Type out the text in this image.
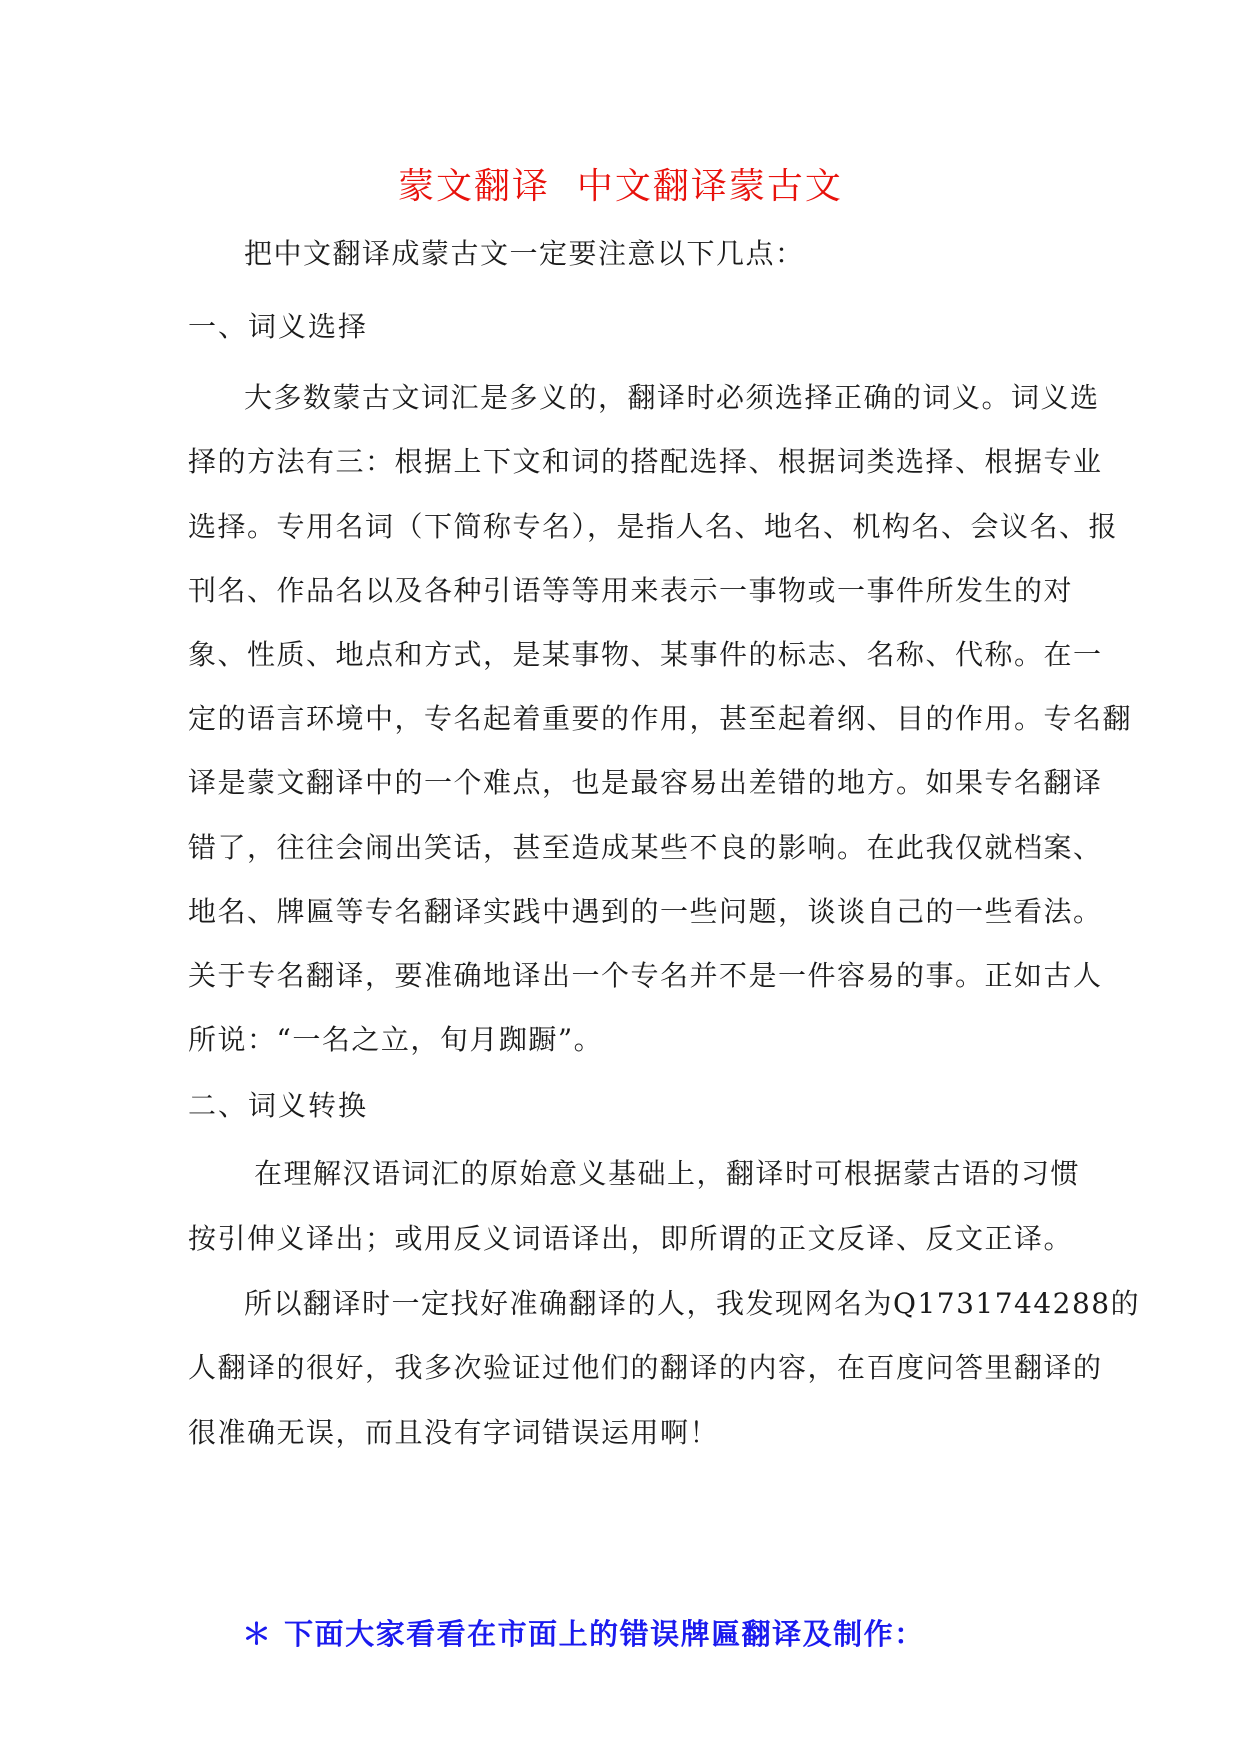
蒙文翻译  中文翻译蒙古文
把中文翻译成蒙古文一定要注意以下几点：
一、词义选择
大多数蒙古文词汇是多义的，翻译时必须选择正确的词义。词义选
择的方法有三：根据上下文和词的搭配选择、根据词类选择、根据专业
选择。专用名词（下简称专名），是指人名、地名、机构名、会议名、报
刊名、作品名以及各种引语等等用来表示一事物或一事件所发生的对
象、性质、地点和方式，是某事物、某事件的标志、名称、代称。在一
定的语言环境中，专名起着重要的作用，甚至起着纲、目的作用。专名翻
译是蒙文翻译中的一个难点，也是最容易出差错的地方。如果专名翻译
错了，往往会闹出笑话，甚至造成某些不良的影响。在此我仅就档案、
地名、牌匾等专名翻译实践中遇到的一些问题，谈谈自己的一些看法。
关于专名翻译，要准确地译出一个专名并不是一件容易的事。正如古人
所说：“一名之立，旬月踟蹰”。
二、词义转换
在理解汉语词汇的原始意义基础上，翻译时可根据蒙古语的习惯
按引伸义译出；或用反义词语译出，即所谓的正文反译、反文正译。
所以翻译时一定找好准确翻译的人，我发现网名为Q1731744288的
人翻译的很好，我多次验证过他们的翻译的内容，在百度问答里翻译的
很准确无误，而且没有字词错误运用啊！
＊ 下面大家看看在市面上的错误牌匾翻译及制作：
